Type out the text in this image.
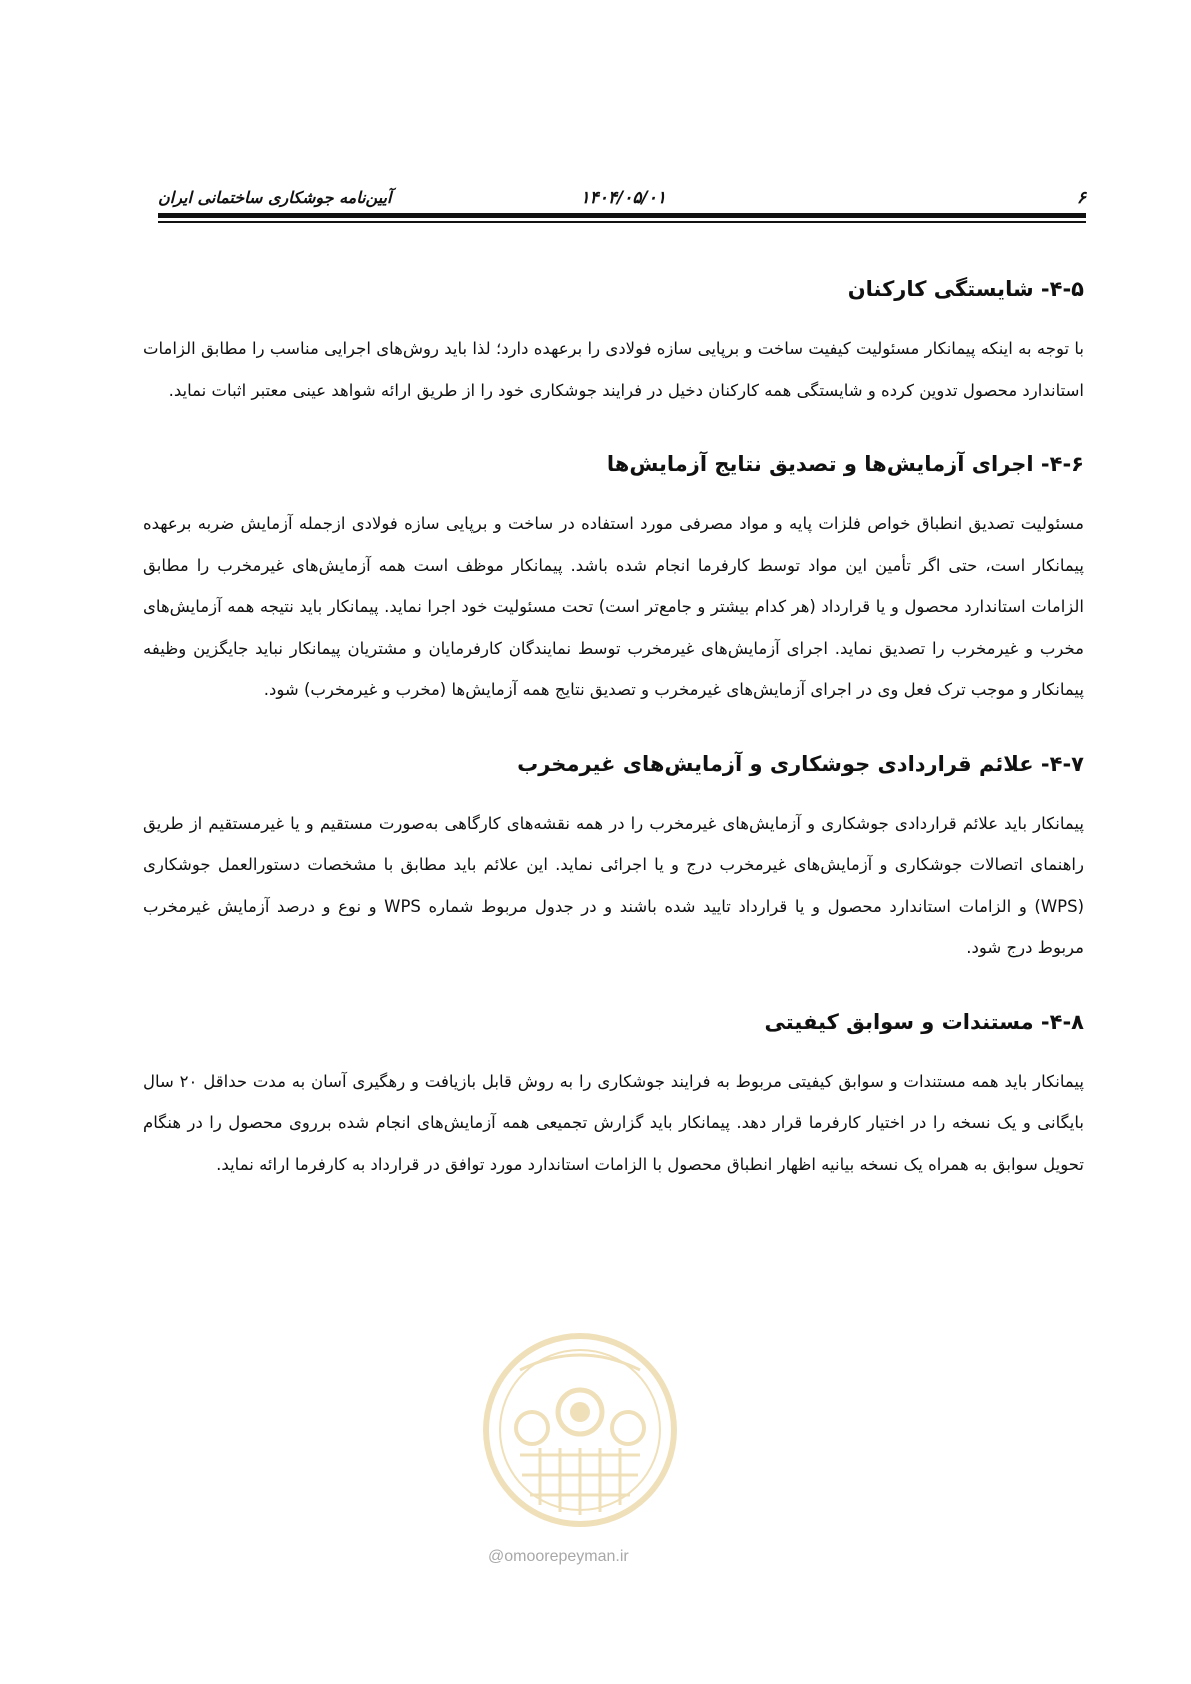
۶
۱۴۰۴/۰۵/۰۱
آیین‌نامه جوشکاری ساختمانی ایران
۴-۵- شایستگی کارکنان

با توجه به اینکه پیمانکار مسئولیت کیفیت ساخت و برپایی سازه فولادی را برعهده دارد؛ لذا باید روش‌های اجرایی مناسب را مطابق الزامات استاندارد محصول تدوین کرده و شایستگی همه کارکنان دخیل در فرایند جوشکاری خود را از طریق ارائه شواهد عینی معتبر اثبات نماید.

۴-۶- اجرای آزمایش‌ها و تصدیق نتایج آزمایش‌ها

مسئولیت تصدیق انطباق خواص فلزات پایه و مواد مصرفی مورد استفاده در ساخت و برپایی سازه فولادی ازجمله آزمایش ضربه برعهده پیمانکار است، حتی اگر تأمین این مواد توسط کارفرما انجام شده باشد. پیمانکار موظف است همه آزمایش‌های غیرمخرب را مطابق الزامات استاندارد محصول و یا قرارداد (هر کدام بیشتر و جامع‌تر است) تحت مسئولیت خود اجرا نماید. پیمانکار باید نتیجه همه آزمایش‌های مخرب و غیرمخرب را تصدیق نماید. اجرای آزمایش‌های غیرمخرب توسط نمایندگان کارفرمایان و مشتریان پیمانکار نباید جایگزین وظیفه پیمانکار و موجب ترک فعل وی در اجرای آزمایش‌های غیرمخرب و تصدیق نتایج همه آزمایش‌ها (مخرب و غیرمخرب) شود.

۴-۷- علائم قراردادی جوشکاری و آزمایش‌های غیرمخرب

پیمانکار باید علائم قراردادی جوشکاری و آزمایش‌های غیرمخرب را در همه نقشه‌های کارگاهی به‌صورت مستقیم و یا غیرمستقیم از طریق راهنمای اتصالات جوشکاری و آزمایش‌های غیرمخرب درج و یا اجرائی نماید. این علائم باید مطابق با مشخصات دستورالعمل جوشکاری (WPS) و الزامات استاندارد محصول و یا قرارداد تایید شده باشند و در جدول مربوط شماره WPS و نوع و درصد آزمایش غیرمخرب مربوط درج شود.

۴-۸- مستندات و سوابق کیفیتی

پیمانکار باید همه مستندات و سوابق کیفیتی مربوط به فرایند جوشکاری را به روش قابل بازیافت و رهگیری آسان به مدت حداقل ۲۰ سال بایگانی و یک نسخه را در اختیار کارفرما قرار دهد. پیمانکار باید گزارش تجمیعی همه آزمایش‌های انجام شده برروی محصول را در هنگام تحویل سوابق به همراه یک نسخه بیانیه اظهار انطباق محصول با الزامات استاندارد مورد توافق در قرارداد به کارفرما ارائه نماید.

@omoorepeyman.ir
